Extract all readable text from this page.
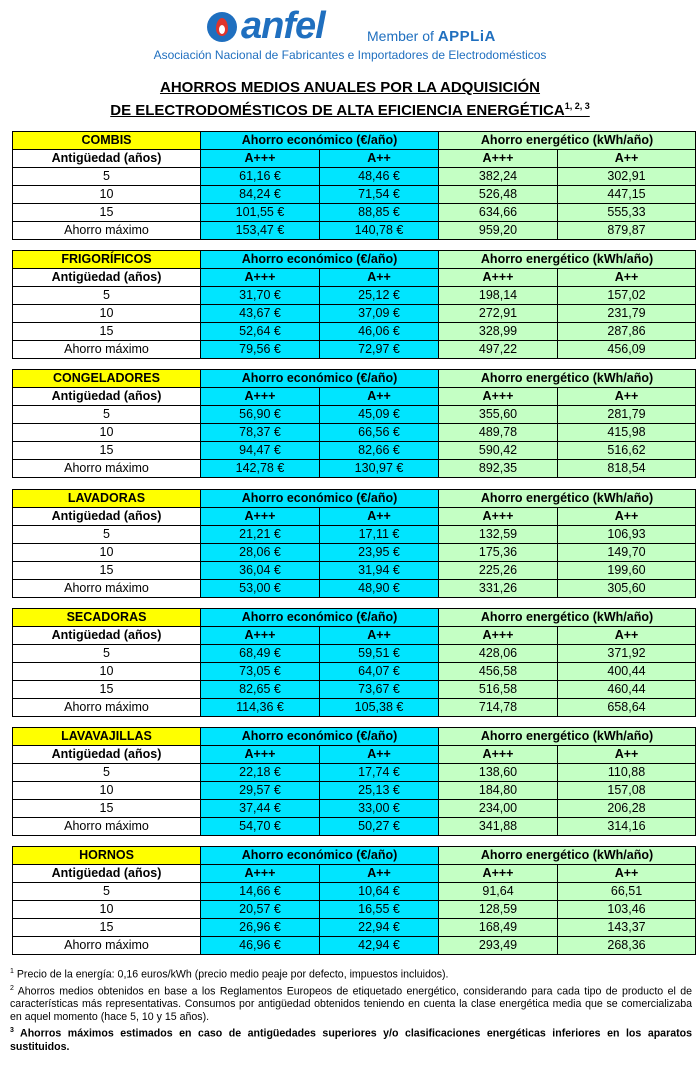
anfel	Member of APPLiA
Asociación Nacional de Fabricantes e Importadores de Electrodomésticos
AHORROS MEDIOS ANUALES POR LA ADQUISICIÓN
DE ELECTRODOMÉSTICOS DE ALTA EFICIENCIA ENERGÉTICA$^{1, 2, 3}$
COMBIS	Ahorro económico (€/año)		Ahorro energético (kWh/año)	
Antigüedad (años)	A+++	A++	A+++	A++
5	61,16 €	48,46 €	382,24	302,91
10	84,24 €	71,54 €	526,48	447,15
15	101,55 €	88,85 €	634,66	555,33
Ahorro máximo	153,47 €	140,78 €	959,20	879,87
FRIGORÍFICOS	Ahorro económico (€/año)		Ahorro energético (kWh/año)	
Antigüedad (años)	A+++	A++	A+++	A++
5	31,70 €	25,12 €	198,14	157,02
10	43,67 €	37,09 €	272,91	231,79
15	52,64 €	46,06 €	328,99	287,86
Ahorro máximo	79,56 €	72,97 €	497,22	456,09
CONGELADORES	Ahorro económico (€/año)		Ahorro energético (kWh/año)	
Antigüedad (años)	A+++	A++	A+++	A++
5	56,90 €	45,09 €	355,60	281,79
10	78,37 €	66,56 €	489,78	415,98
15	94,47 €	82,66 €	590,42	516,62
Ahorro máximo	142,78 €	130,97 €	892,35	818,54
LAVADORAS	Ahorro económico (€/año)		Ahorro energético (kWh/año)	
Antigüedad (años)	A+++	A++	A+++	A++
5	21,21 €	17,11 €	132,59	106,93
10	28,06 €	23,95 €	175,36	149,70
15	36,04 €	31,94 €	225,26	199,60
Ahorro máximo	53,00 €	48,90 €	331,26	305,60
SECADORAS	Ahorro económico (€/año)		Ahorro energético (kWh/año)	
Antigüedad (años)	A+++	A++	A+++	A++
5	68,49 €	59,51 €	428,06	371,92
10	73,05 €	64,07 €	456,58	400,44
15	82,65 €	73,67 €	516,58	460,44
Ahorro máximo	114,36 €	105,38 €	714,78	658,64
LAVAVAJILLAS	Ahorro económico (€/año)		Ahorro energético (kWh/año)	
Antigüedad (años)	A+++	A++	A+++	A++
5	22,18 €	17,74 €	138,60	110,88
10	29,57 €	25,13 €	184,80	157,08
15	37,44 €	33,00 €	234,00	206,28
Ahorro máximo	54,70 €	50,27 €	341,88	314,16
HORNOS	Ahorro económico (€/año)		Ahorro energético (kWh/año)	
Antigüedad (años)	A+++	A++	A+++	A++
5	14,66 €	10,64 €	91,64	66,51
10	20,57 €	16,55 €	128,59	103,46
15	26,96 €	22,94 €	168,49	143,37
Ahorro máximo	46,96 €	42,94 €	293,49	268,36

$^1$ Precio de la energía: 0,16 euros/kWh (precio medio peaje por defecto, impuestos incluidos).

$^2$ Ahorros medios obtenidos en base a los Reglamentos Europeos de etiquetado energético, considerando para cada tipo de producto el de características más representativas. Consumos por antigüedad obtenidos teniendo en cuenta la clase energética media que se comercializaba en aquel momento (hace 5, 10 y 15 años).

$^3$ Ahorros máximos estimados en caso de antigüedades superiores y/o clasificaciones energéticas inferiores en los aparatos sustituidos.
